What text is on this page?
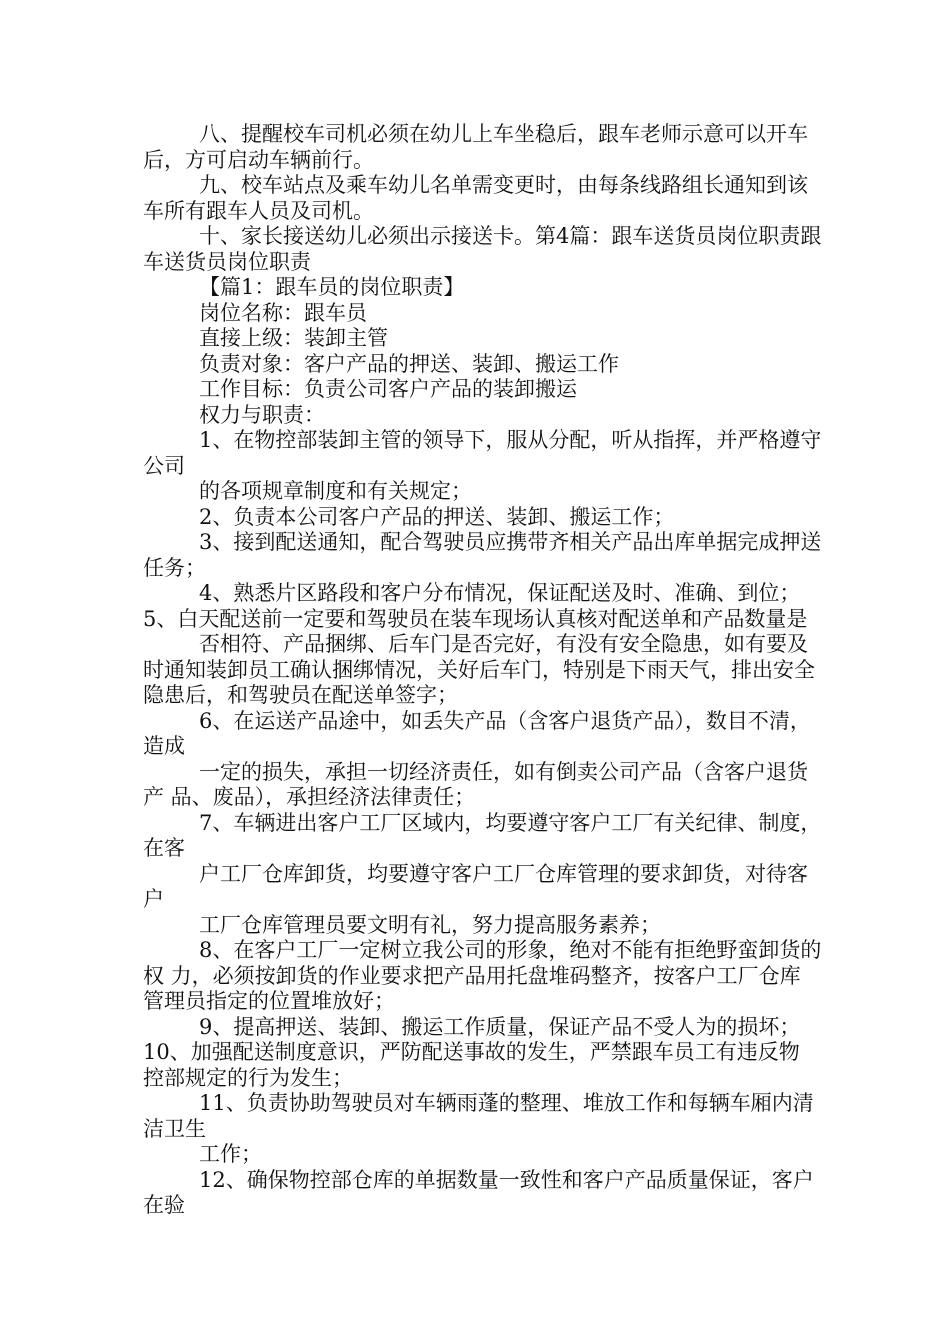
八、提醒校车司机必须在幼儿上车坐稳后，跟车老师示意可以开车后，方可启动车辆前行。

九、校车站点及乘车幼儿名单需变更时，由每条线路组长通知到该车所有跟车人员及司机。

十、家长接送幼儿必须出示接送卡。第4篇：跟车送货员岗位职责跟车送货员岗位职责

【篇1：跟车员的岗位职责】

岗位名称：跟车员

直接上级：装卸主管

负责对象：客户产品的押送、装卸、搬运工作

工作目标：负责公司客户产品的装卸搬运

权力与职责：

1、在物控部装卸主管的领导下，服从分配，听从指挥，并严格遵守公司

的各项规章制度和有关规定；

2、负责本公司客户产品的押送、装卸、搬运工作；

3、接到配送通知，配合驾驶员应携带齐相关产品出库单据完成押送任务；

4、熟悉片区路段和客户分布情况，保证配送及时、准确、到位；　5、白天配送前一定要和驾驶员在装车现场认真核对配送单和产品数量是

否相符、产品捆绑、后车门是否完好，有没有安全隐患，如有要及时通知装卸员工确认捆绑情况，关好后车门，特别是下雨天气，排出安全隐患后，和驾驶员在配送单签字；

6、在运送产品途中，如丢失产品（含客户退货产品），数目不清，造成

一定的损失，承担一切经济责任，如有倒卖公司产品（含客户退货产 品、废品），承担经济法律责任；

7、车辆进出客户工厂区域内，均要遵守客户工厂有关纪律、制度，在客

户工厂仓库卸货，均要遵守客户工厂仓库管理的要求卸货，对待客户

工厂仓库管理员要文明有礼，努力提高服务素养；

8、在客户工厂一定树立我公司的形象，绝对不能有拒绝野蛮卸货的权 力，必须按卸货的作业要求把产品用托盘堆码整齐，按客户工厂仓库 管理员指定的位置堆放好；

9、提高押送、装卸、搬运工作质量，保证产品不受人为的损坏；　10、加强配送制度意识，严防配送事故的发生，严禁跟车员工有违反物　控部规定的行为发生；

11、负责协助驾驶员对车辆雨蓬的整理、堆放工作和每辆车厢内清洁卫生

工作；

12、确保物控部仓库的单据数量一致性和客户产品质量保证，客户在验
